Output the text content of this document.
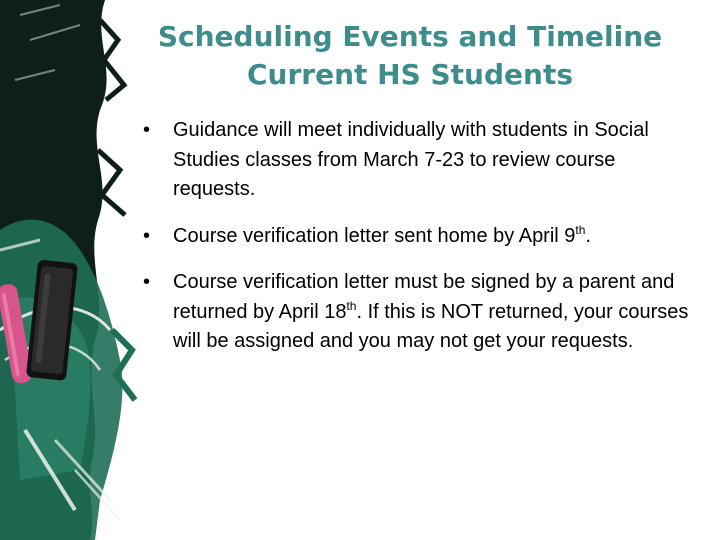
Scheduling Events and Timeline
Current HS Students
• Guidance will meet individually with students in Social Studies classes from March 7-23 to review course requests.
• Course verification letter sent home by April 9th.
• Course verification letter must be signed by a parent and returned by April 18th. If this is NOT returned, your courses will be assigned and you may not get your requests.
